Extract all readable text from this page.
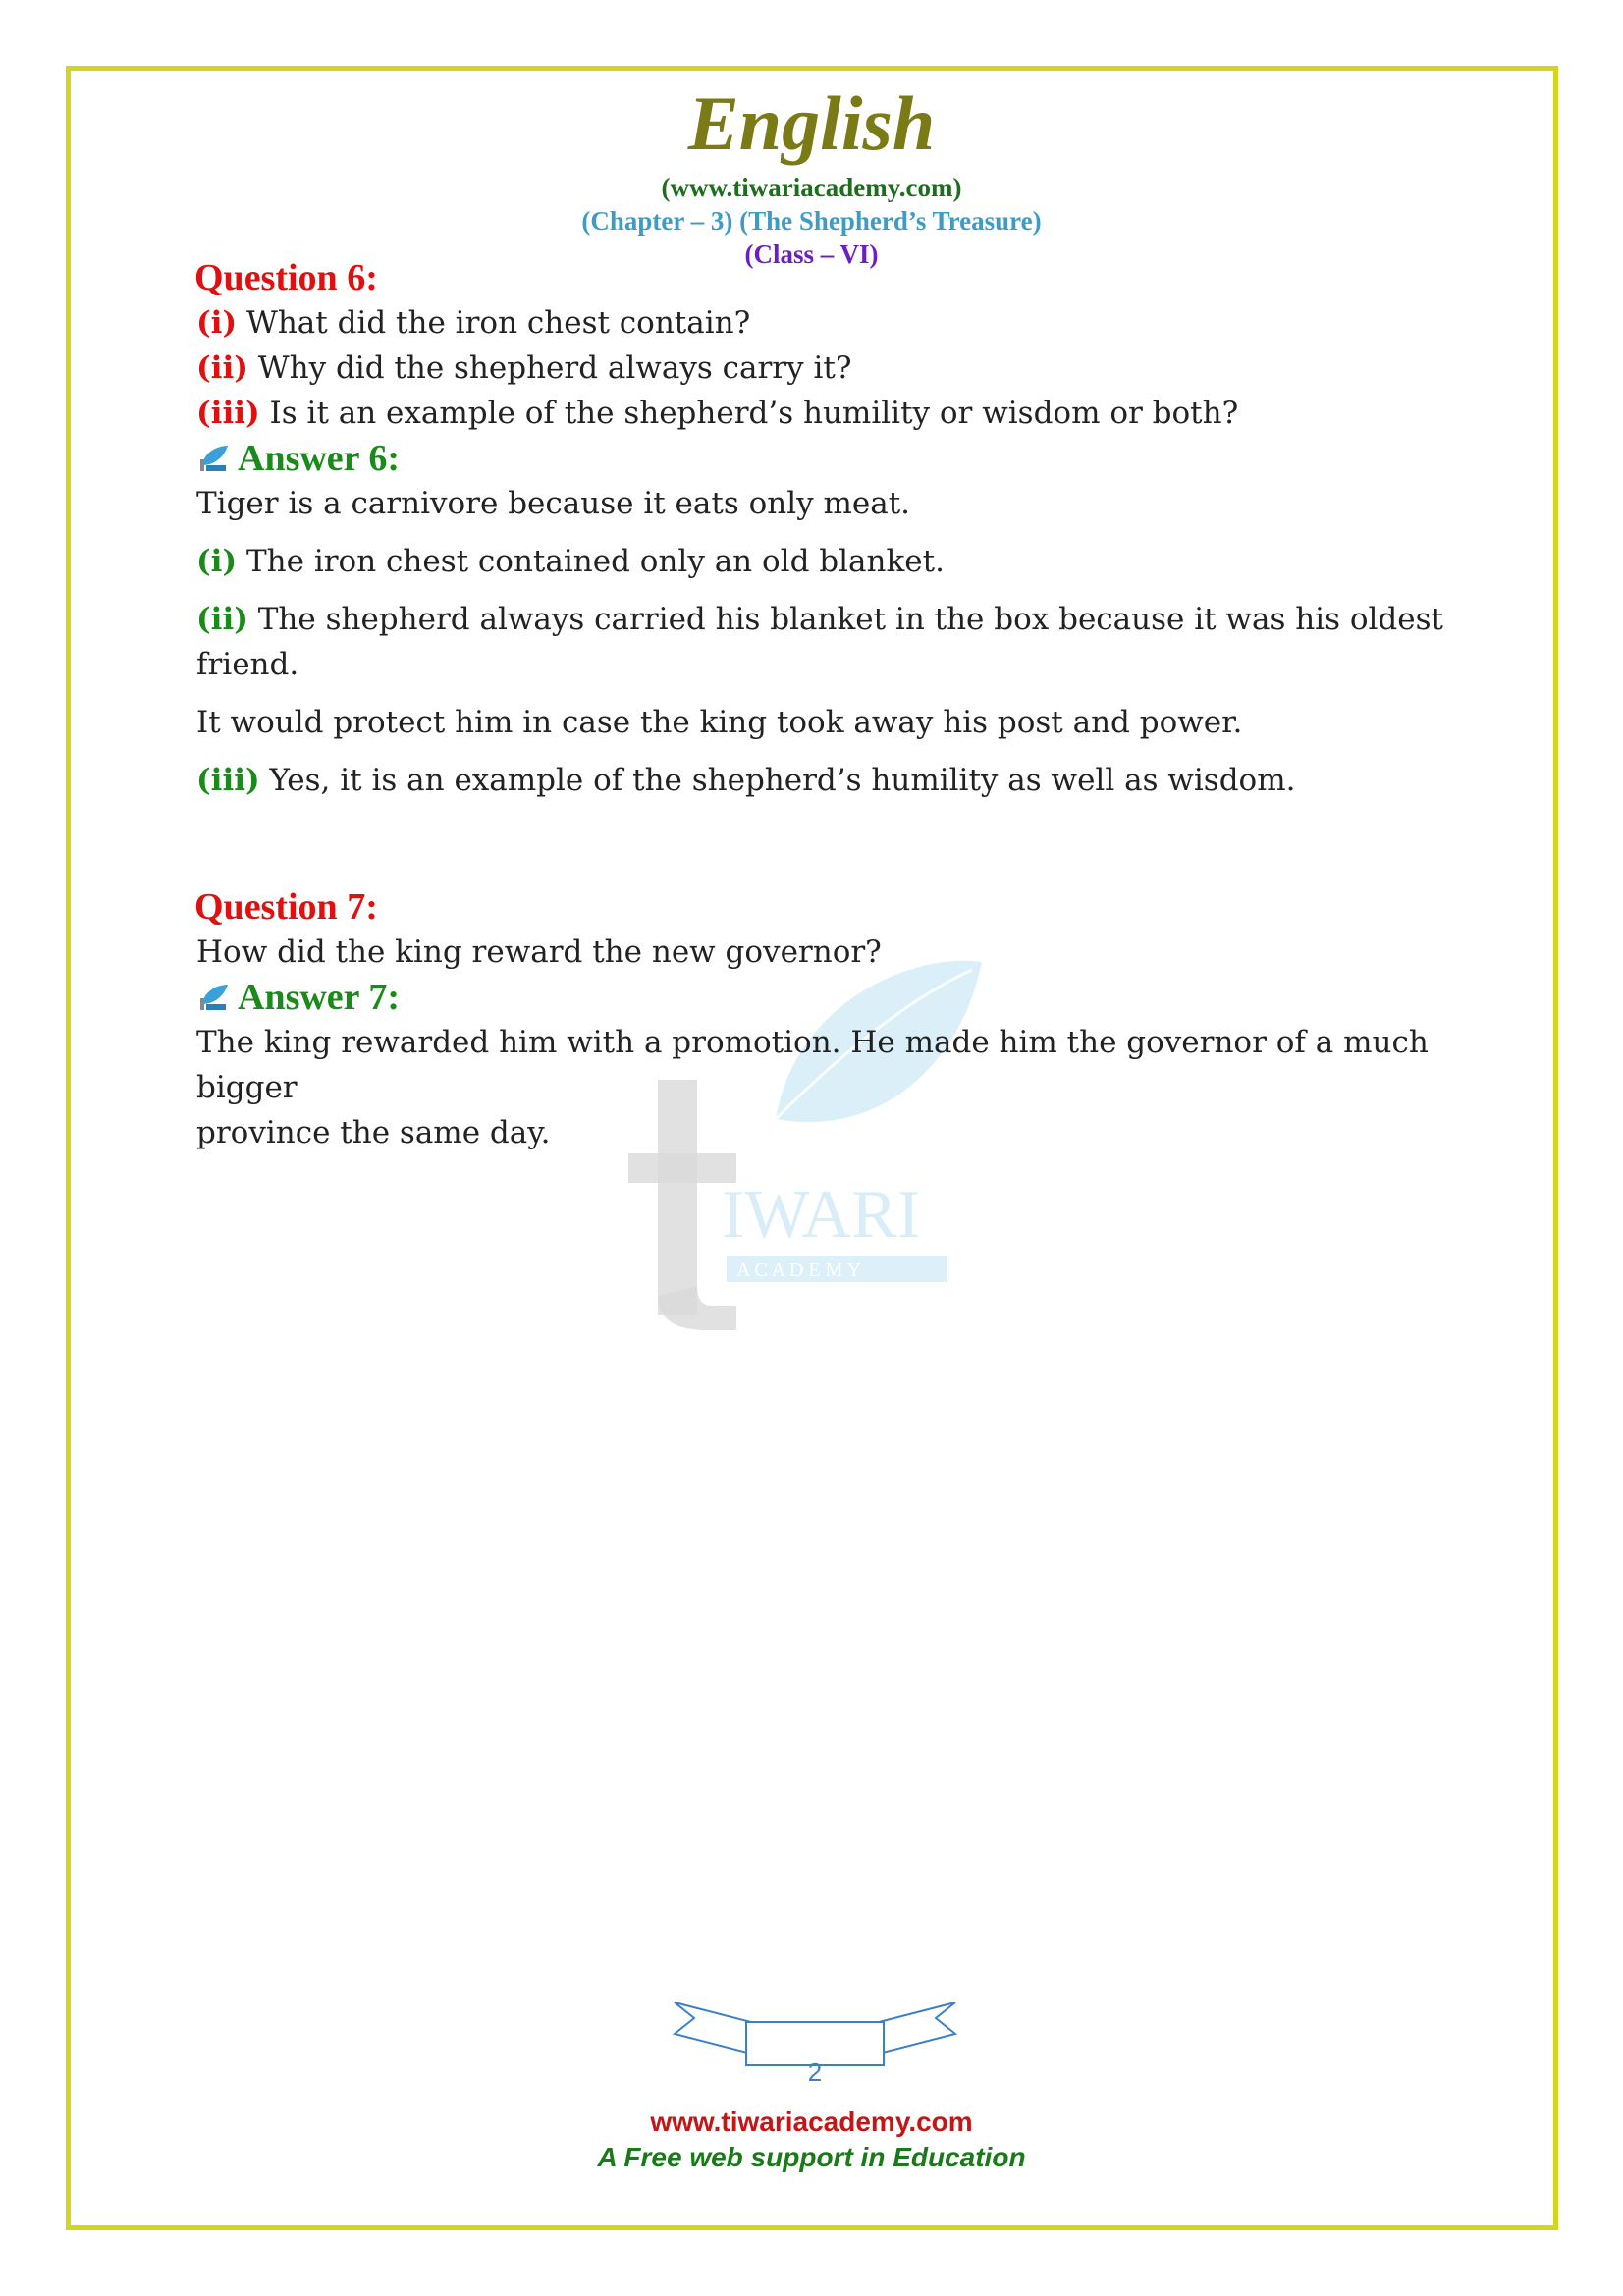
English
(www.tiwariacademy.com)
(Chapter – 3) (The Shepherd’s Treasure)
(Class – VI)
IWARI
A C A D E M Y
Question 6:

(i) What did the iron chest contain?

(ii) Why did the shepherd always carry it?

(iii) Is it an example of the shepherd’s humility or wisdom or both?

Answer 6:

Tiger is a carnivore because it eats only meat.

(i) The iron chest contained only an old blanket.

(ii) The shepherd always carried his blanket in the box because it was his oldest friend.

It would protect him in case the king took away his post and power.

(iii) Yes, it is an example of the shepherd’s humility as well as wisdom.

Question 7:

How did the king reward the new governor?

Answer 7:

The king rewarded him with a promotion. He made him the governor of a much bigger

province the same day.

2
www.tiwariacademy.com
A Free web support in Education
